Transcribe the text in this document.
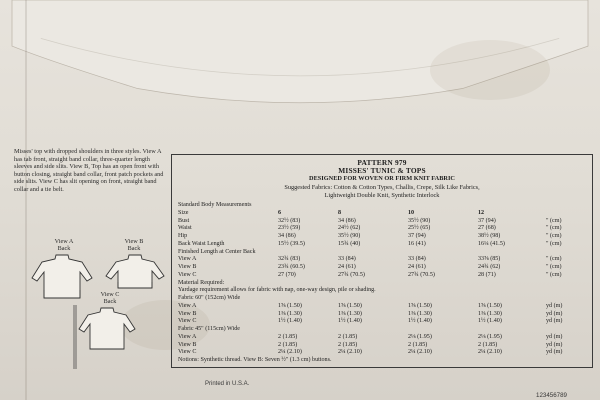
Misses' top with dropped shoulders in three styles. View A has tab front, straight band collar, three-quarter length sleeves and side slits. View B, Top has an open front with button closing, straight band collar, front patch pockets and side slits. View C has slit opening on front, straight band collar and a tie belt.
View A
Back
View B
Back
View C
Back
PATTERN 979
MISSES' TUNIC & TOPS
DESIGNED FOR WOVEN OR FIRM KNIT FABRIC
Suggested Fabrics: Cotton & Cotton Types, Challis, Crepe, Silk Like Fabrics,
Lightweight Double Knit, Synthetic Interlock
Standard Body Measurements
Size	6	8	10	12
Bust	32½ (83)	34 (86)	35½ (90)	37 (94)	" (cm)
Waist	23½ (59)	24½ (62)	25½ (65)	27 (68)	" (cm)
Hip	34 (86)	35½ (90)	37 (94)	38½ (98)	" (cm)
Back Waist Length	15½ (39.5)	15¾ (40)	16 (41)	16¼ (41.5)	" (cm)
Finished Length at Center Back
View A	32¾ (83)	33 (84)	33 (84)	33⅝ (85)	" (cm)
View B	23¾ (60.5)	24 (61)	24 (61)	24¾ (62)	" (cm)
View C	27 (70)	27¾ (70.5)	27¾ (70.5)	28 (71)	" (cm)
Material Required:
Yardage requirement allows for fabric with nap, one-way design, pile or shading.
Fabric 60" (152cm) Wide
View A	1⅝ (1.50)	1⅝ (1.50)	1⅝ (1.50)	1⅝ (1.50)	yd (m)
View B	1⅜ (1.30)	1⅜ (1.30)	1⅜ (1.30)	1⅜ (1.30)	yd (m)
View C	1½ (1.40)	1½ (1.40)	1½ (1.40)	1½ (1.40)	yd (m)
Fabric 45" (115cm) Wide
View A	2 (1.85)	2 (1.85)	2⅛ (1.95)	2⅛ (1.95)	yd (m)
View B	2 (1.85)	2 (1.85)	2 (1.85)	2 (1.85)	yd (m)
View C	2¼ (2.10)	2¼ (2.10)	2¼ (2.10)	2¼ (2.10)	yd (m)
Notions: Synthetic thread. View B: Seven ½" (1.3 cm) buttons.
Printed in U.S.A.
123456789
